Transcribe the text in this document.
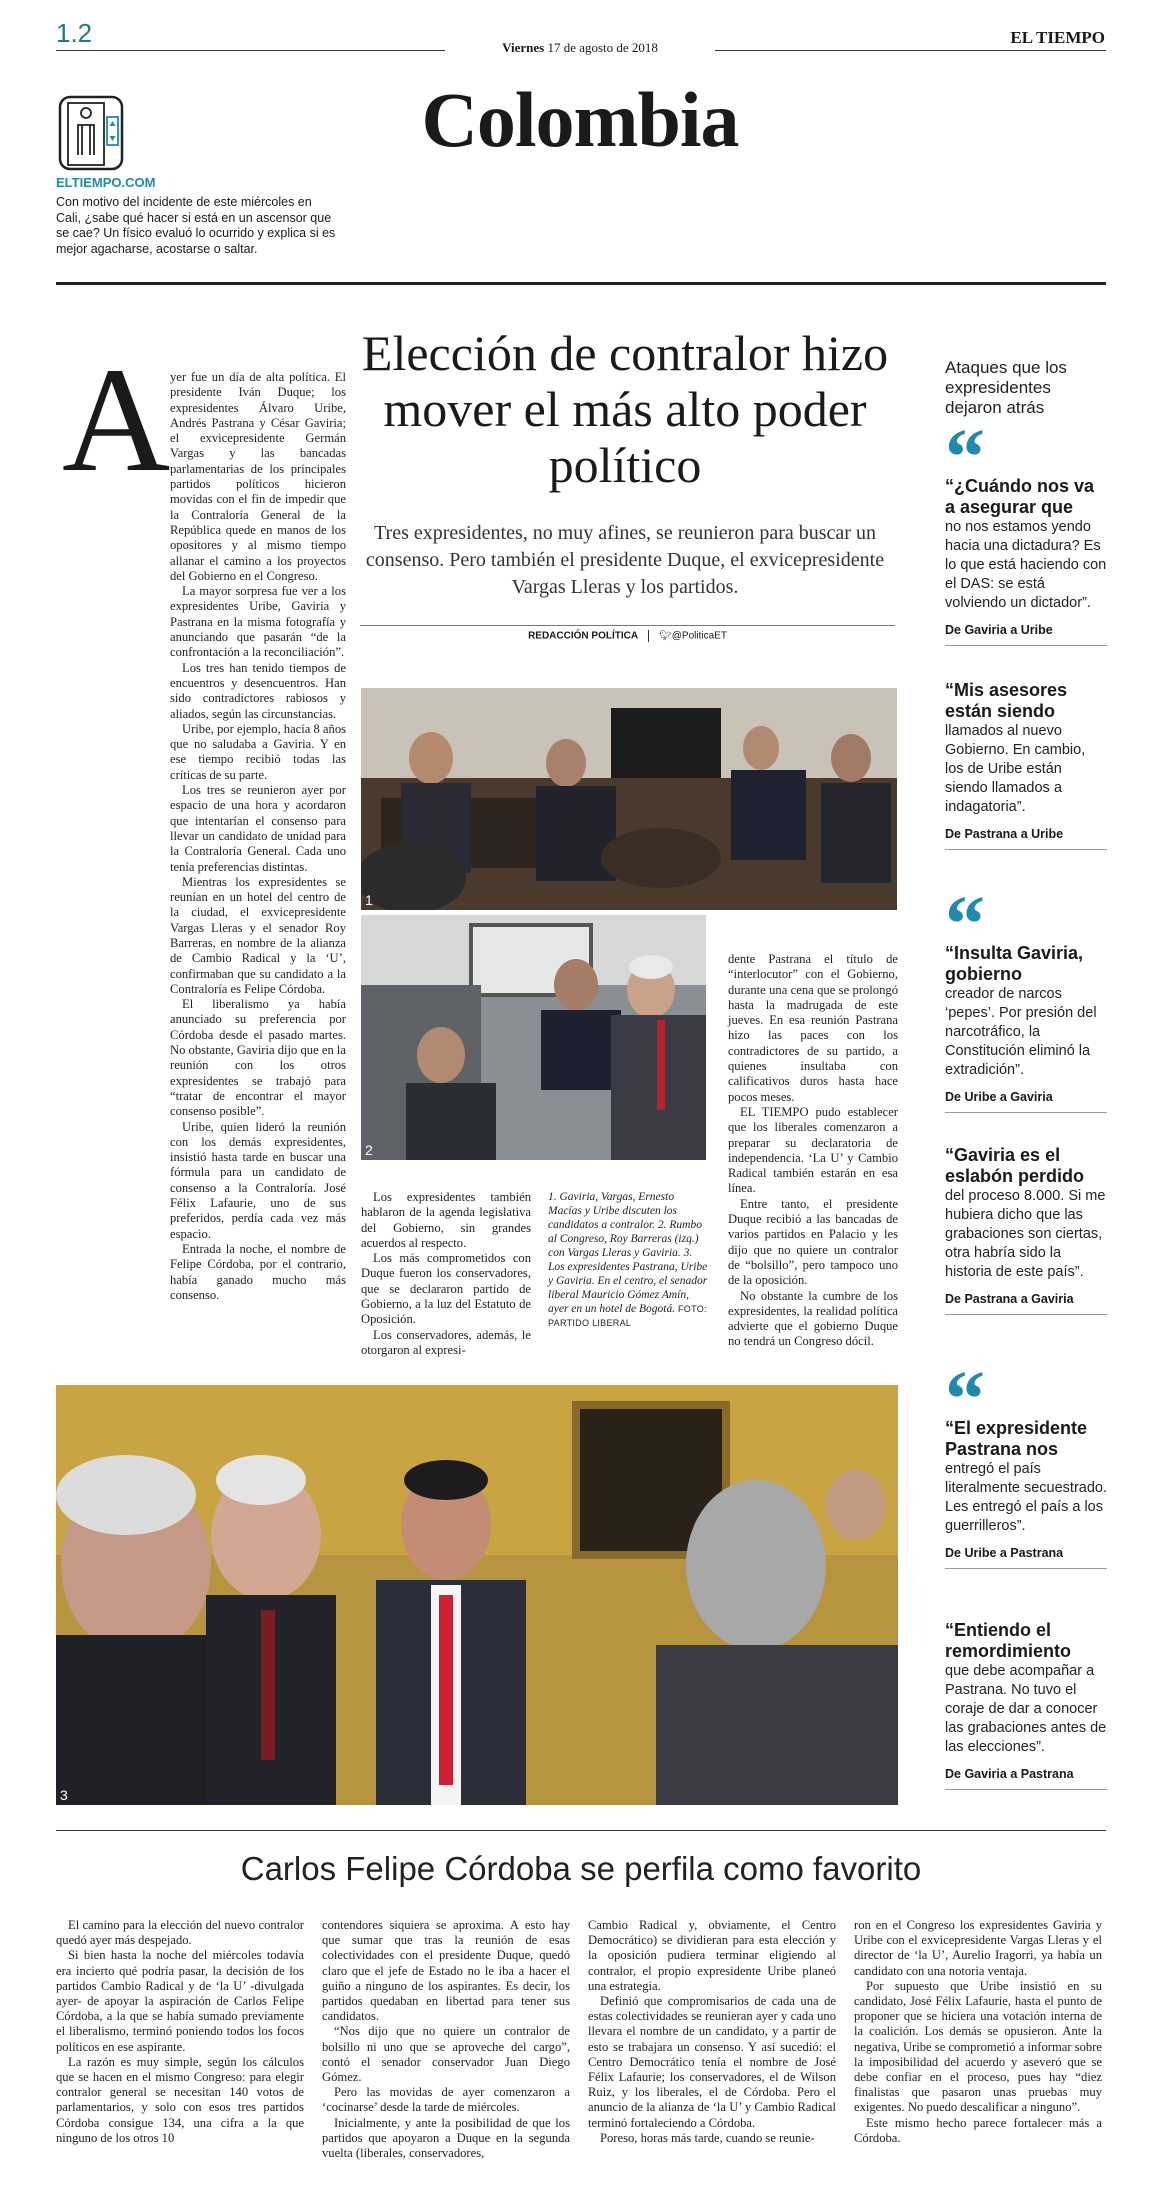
1.2	Viernes 17 de agosto de 2018
EL TIEMPO
Colombia
ELTIEMPO.COM
Con motivo del incidente de este miércoles en Cali, ¿sabe qué hacer si está en un ascensor que se cae? Un físico evaluó lo ocurrido y explica si es mejor agacharse, acostarse o saltar.
Elección de contralor hizo mover el más alto poder político
Tres expresidentes, no muy afines, se reunieron para buscar un consenso. Pero también el presidente Duque, el exvicepresidente Vargas Lleras y los partidos.
REDACCIÓN POLÍTICA 🐦︎@PoliticaET
A yer fue un día de alta política. El presidente Iván Duque; los expresidentes Álvaro Uribe, Andrés Pastrana y César Gaviria; el exvicepresidente Germán Vargas y las bancadas parlamentarias de los principales partidos políticos hicieron movidas con el fin de impedir que la Contraloría General de la República quede en manos de los opositores y al mismo tiempo allanar el camino a los proyectos del Gobierno en el Congreso.

La mayor sorpresa fue ver a los expresidentes Uribe, Gaviria y Pastrana en la misma fotografía y anunciando que pasarán “de la confrontación a la reconciliación”.

Los tres han tenido tiempos de encuentros y desencuentros. Han sido contradictores rabiosos y aliados, según las circunstancias.

Uribe, por ejemplo, hacía 8 años que no saludaba a Gaviria. Y en ese tiempo recibió todas las críticas de su parte.

Los tres se reunieron ayer por espacio de una hora y acordaron que intentarían el consenso para llevar un candidato de unidad para la Contraloría General. Cada uno tenía preferencias distintas.

Mientras los expresidentes se reunían en un hotel del centro de la ciudad, el exvicepresidente Vargas Lleras y el senador Roy Barreras, en nombre de la alianza de Cambio Radical y la ‘U’, confirmaban que su candidato a la Contraloría es Felipe Córdoba.

El liberalismo ya había anunciado su preferencia por Córdoba desde el pasado martes. No obstante, Gaviria dijo que en la reunión con los otros expresidentes se trabajó para “tratar de encontrar el mayor consenso posible”.

Uribe, quien lideró la reunión con los demás expresidentes, insistió hasta tarde en buscar una fórmula para un candidato de consenso a la Contraloría. José Félix Lafaurie, uno de sus preferidos, perdía cada vez más espacio.

Entrada la noche, el nombre de Felipe Córdoba, por el contrario, había ganado mucho más consenso.

1
2

dente Pastrana el título de “interlocutor” con el Gobierno, durante una cena que se prolongó hasta la madrugada de este jueves. En esa reunión Pastrana hizo las paces con los contradictores de su partido, a quienes insultaba con calificativos duros hasta hace pocos meses.

EL TIEMPO pudo establecer que los liberales comenzaron a preparar su declaratoria de independencia. ‘La U’ y Cambio Radical también estarán en esa línea.

Entre tanto, el presidente Duque recibió a las bancadas de varios partidos en Palacio y les dijo que no quiere un contralor de “bolsillo”, pero tampoco uno de la oposición.

No obstante la cumbre de los expresidentes, la realidad política advierte que el gobierno Duque no tendrá un Congreso dócil.

Los expresidentes también hablaron de la agenda legislativa del Gobierno, sin grandes acuerdos al respecto.

Los más comprometidos con Duque fueron los conservadores, que se declararon partido de Gobierno, a la luz del Estatuto de Oposición.

Los conservadores, además, le otorgaron al expresi-

1. Gaviria, Vargas, Ernesto Macías y Uribe discuten los candidatos a contralor. 2. Rumbo al Congreso, Roy Barreras (izq.) con Vargas Lleras y Gaviria. 3. Los expresidentes Pastrana, Uribe y Gaviria. En el centro, el senador liberal Mauricio Gómez Amín, ayer en un hotel de Bogotá. FOTO: PARTIDO LIBERAL
3
Ataques que los expresidentes dejaron atrás
“
“¿Cuándo nos va a asegurar que
no nos estamos yendo hacia una dictadura? Es lo que está haciendo con el DAS: se está volviendo un dictador”.
De Gaviria a Uribe
“Mis asesores están siendo
llamados al nuevo Gobierno. En cambio, los de Uribe están siendo llamados a indagatoria”.
De Pastrana a Uribe
“
“Insulta Gaviria, gobierno
creador de narcos ‘pepes’. Por presión del narcotráfico, la Constitución eliminó la extradición”.
De Uribe a Gaviria
“Gaviria es el eslabón perdido
del proceso 8.000. Si me hubiera dicho que las grabaciones son ciertas, otra habría sido la historia de este país”.
De Pastrana a Gaviria
“
“El expresidente Pastrana nos
entregó el país literalmente secuestrado. Les entregó el país a los guerrilleros”.
De Uribe a Pastrana
“Entiendo el remordimiento
que debe acompañar a Pastrana. No tuvo el coraje de dar a conocer las grabaciones antes de las elecciones”.
De Gaviria a Pastrana
Carlos Felipe Córdoba se perfila como favorito

El camino para la elección del nuevo contralor quedó ayer más despejado.

Si bien hasta la noche del miércoles todavía era incierto qué podría pasar, la decisión de los partidos Cambio Radical y de ‘la U’ -divulgada ayer- de apoyar la aspiración de Carlos Felipe Córdoba, a la que se había sumado previamente el liberalismo, terminó poniendo todos los focos políticos en ese aspirante.

La razón es muy simple, según los cálculos que se hacen en el mismo Congreso: para elegir contralor general se necesitan 140 votos de parlamentarios, y solo con esos tres partidos Córdoba consigue 134, una cifra a la que ninguno de los otros 10

contendores siquiera se aproxima. A esto hay que sumar que tras la reunión de esas colectividades con el presidente Duque, quedó claro que el jefe de Estado no le iba a hacer el guiño a ninguno de los aspirantes. Es decir, los partidos quedaban en libertad para tener sus candidatos.

“Nos dijo que no quiere un contralor de bolsillo ni uno que se aproveche del cargo”, contó el senador conservador Juan Diego Gómez.

Pero las movidas de ayer comenzaron a ‘cocinarse’ desde la tarde de miércoles.

Inicialmente, y ante la posibilidad de que los partidos que apoyaron a Duque en la segunda vuelta (liberales, conservadores,

Cambio Radical y, obviamente, el Centro Democrático) se dividieran para esta elección y la oposición pudiera terminar eligiendo al contralor, el propio expresidente Uribe planeó una estrategia.

Definió que compromisarios de cada una de estas colectividades se reunieran ayer y cada uno llevara el nombre de un candidato, y a partir de esto se trabajara un consenso. Y así sucedió: el Centro Democrático tenía el nombre de José Félix Lafaurie; los conservadores, el de Wilson Ruiz, y los liberales, el de Córdoba. Pero el anuncio de la alianza de ‘la U’ y Cambio Radical terminó fortaleciendo a Córdoba.

Poreso, horas más tarde, cuando se reunie-

ron en el Congreso los expresidentes Gaviria y Uribe con el exvicepresidente Vargas Lleras y el director de ‘la U’, Aurelio Iragorri, ya había un candidato con una notoria ventaja.

Por supuesto que Uribe insistió en su candidato, José Félix Lafaurie, hasta el punto de proponer que se hiciera una votación interna de la coalición. Los demás se opusieron. Ante la negativa, Uribe se comprometió a informar sobre la imposibilidad del acuerdo y aseveró que se debe confiar en el proceso, pues hay “diez finalistas que pasaron unas pruebas muy exigentes. No puedo descalificar a ninguno”.

Este mismo hecho parece fortalecer más a Córdoba.
